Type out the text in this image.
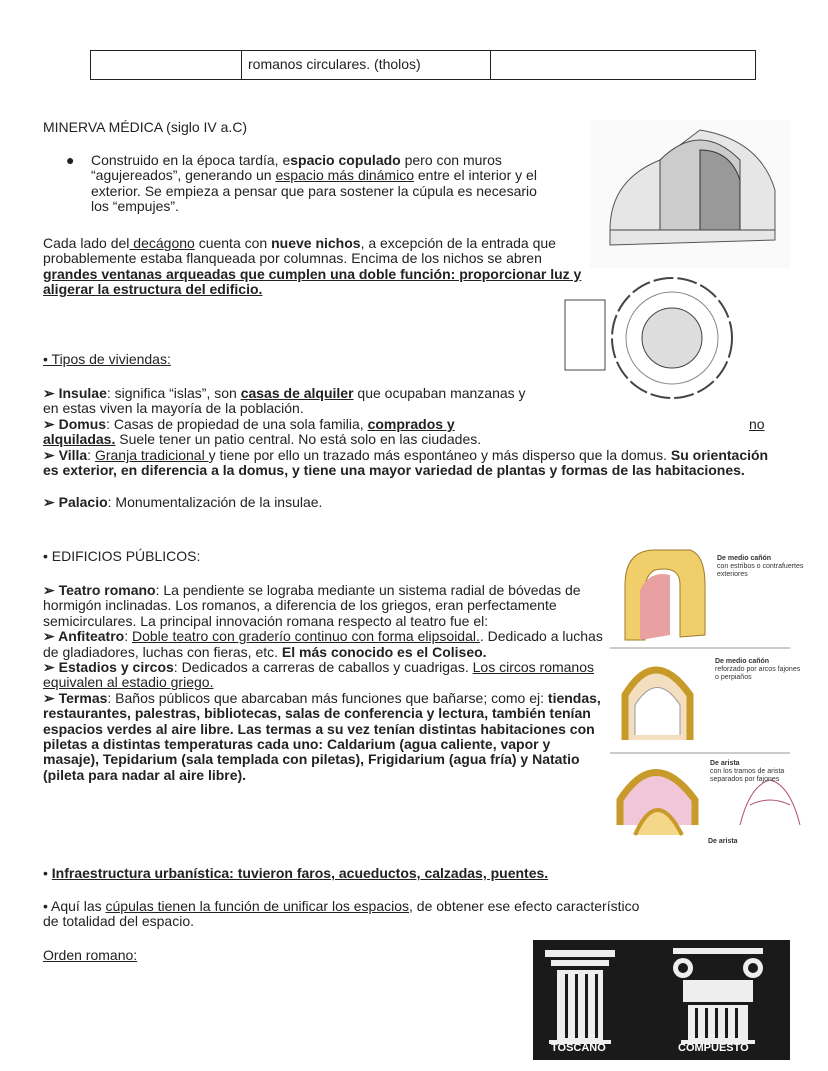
	romanos circulares. (tholos)	
MINERVA MÉDICA (siglo IV a.C)
●	Construido en la época tardía, espacio copulado pero con muros “agujereados”, generando un espacio más dinámico entre el interior y el exterior. Se empieza a pensar que para sostener la cúpula es necesario los “empujes”.
Cada lado del decágono cuenta con nueve nichos, a excepción de la entrada que probablemente estaba flanqueada por columnas. Encima de los nichos se abren grandes ventanas arqueadas que cumplen una doble función: proporcionar luz y aligerar la estructura del edificio.
• Tipos de viviendas:
➢ Insulae: significa “islas”, son casas de alquiler que ocupaban manzanas y en estas viven la mayoría de la población.
➢ Domus: Casas de propiedad de una sola familia, comprados y	no

alquiladas. Suele tener un patio central. No está solo en las ciudades.
➢ Villa: Granja tradicional y tiene por ello un trazado más espontáneo y más disperso que la domus. Su orientación es exterior, en diferencia a la domus, y tiene una mayor variedad de plantas y formas de las habitaciones.
➢ Palacio: Monumentalización de la insulae.
• EDIFICIOS PÚBLICOS:
➢ Teatro romano: La pendiente se lograba mediante un sistema radial de bóvedas de hormigón inclinadas. Los romanos, a diferencia de los griegos, eran perfectamente semicirculares. La principal innovación romana respecto al teatro fue el:
➢ Anfiteatro: Doble teatro con graderío continuo con forma elipsoidal.. Dedicado a luchas de gladiadores, luchas con fieras, etc. El más conocido es el Coliseo.
➢ Estadios y circos: Dedicados a carreras de caballos y cuadrigas. Los circos romanos equivalen al estadio griego.
➢ Termas: Baños públicos que abarcaban más funciones que bañarse; como ej: tiendas, restaurantes, palestras, bibliotecas, salas de conferencia y lectura, también tenían espacios verdes al aire libre. Las termas a su vez tenían distintas habitaciones con piletas a distintas temperaturas cada uno: Caldarium (agua caliente, vapor y masaje), Tepidarium (sala templada con piletas), Frigidarium (agua fría) y Natatio (pileta para nadar al aire libre).
• Infraestructura urbanística: tuvieron faros, acueductos, calzadas, puentes.
• Aquí las cúpulas tienen la función de unificar los espacios, de obtener ese efecto característico de totalidad del espacio.
Orden romano:
De medio cañón
con estribos o contrafuertes exteriores
De medio cañón
reforzado por arcos fajones o perpiaños
De arista
con los tramos de arista separados por fajones
De arista
TOSCANO	COMPUESTO
